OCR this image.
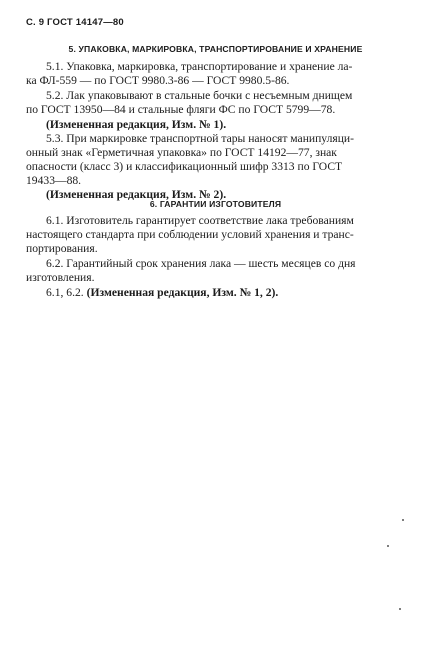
С. 9 ГОСТ 14147—80
5. УПАКОВКА, МАРКИРОВКА, ТРАНСПОРТИРОВАНИЕ И ХРАНЕНИЕ
5.1. Упаковка, маркировка, транспортирование и хранение ла-
ка ФЛ-559 — по ГОСТ 9980.3-86 — ГОСТ 9980.5-86.
5.2. Лак упаковывают в стальные бочки с несъемным днищем
по ГОСТ 13950—84 и стальные фляги ФС по ГОСТ 5799—78.
(Измененная редакция, Изм. № 1).
5.3. При маркировке транспортной тары наносят манипуляци-
онный знак «Герметичная упаковка» по ГОСТ 14192—77, знак
опасности (класс 3) и классификационный шифр 3313 по ГОСТ
19433—88.
(Измененная редакция, Изм. № 2).
6. ГАРАНТИИ ИЗГОТОВИТЕЛЯ
6.1. Изготовитель гарантирует соответствие лака требованиям
настоящего стандарта при соблюдении условий хранения и транс-
портирования.
6.2. Гарантийный срок хранения лака — шесть месяцев со дня
изготовления.
6.1, 6.2. (Измененная редакция, Изм. № 1, 2).
